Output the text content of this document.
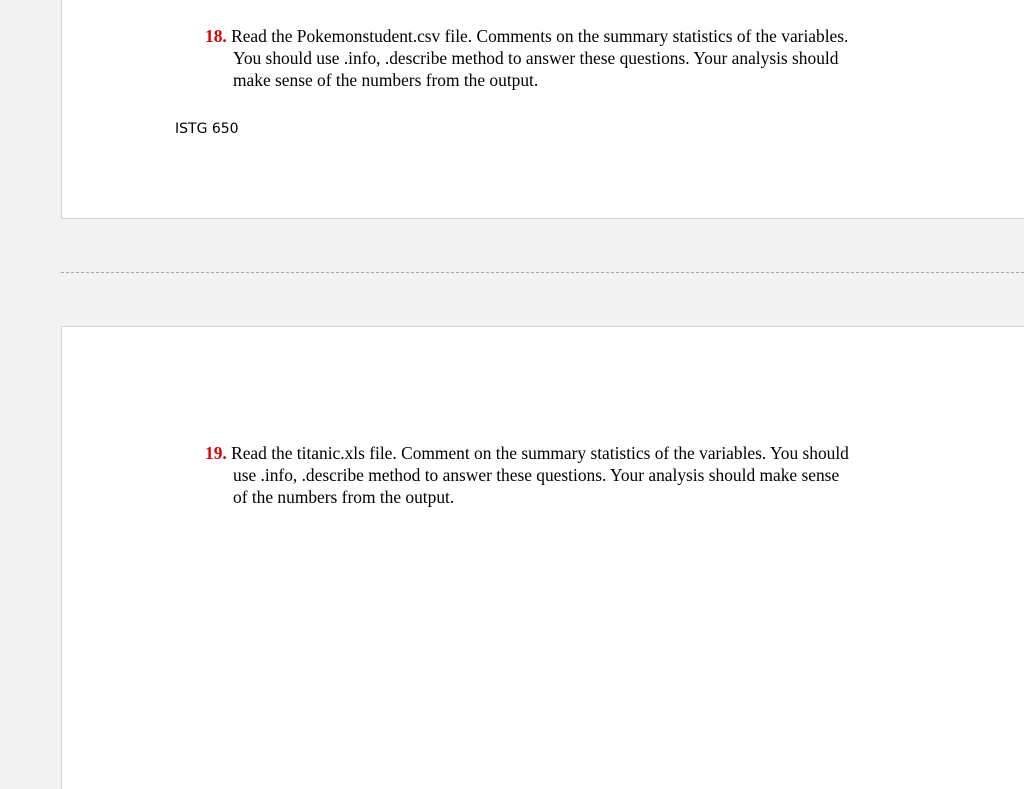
18. Read the Pokemonstudent.csv file. Comments on the summary statistics of the variables.
You should use .info, .describe method to answer these questions. Your analysis should
make sense of the numbers from the output.
ISTG 650
19. Read the titanic.xls file. Comment on the summary statistics of the variables. You should
use .info, .describe method to answer these questions. Your analysis should make sense
of the numbers from the output.
